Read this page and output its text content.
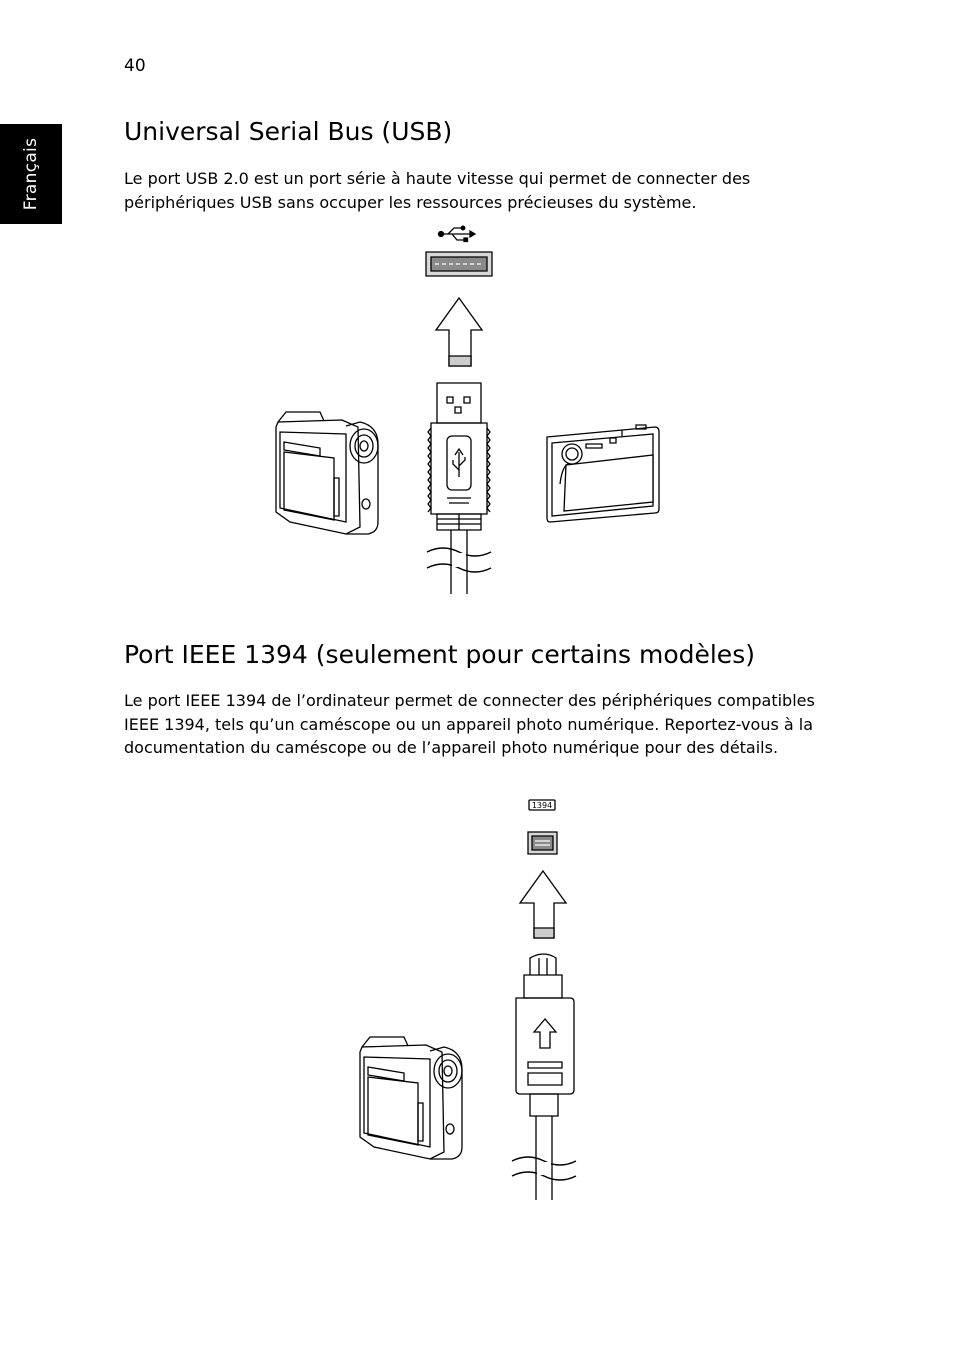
40
Français
Universal Serial Bus (USB)

Le port USB 2.0 est un port série à haute vitesse qui permet de connecter des périphériques USB sans occuper les ressources précieuses du système.

Port IEEE 1394 (seulement pour certains modèles)

Le port IEEE 1394 de l’ordinateur permet de connecter des périphériques compatibles IEEE 1394, tels qu’un caméscope ou un appareil photo numérique. Reportez-vous à la documentation du caméscope ou de l’appareil photo numérique pour des détails.

1394
